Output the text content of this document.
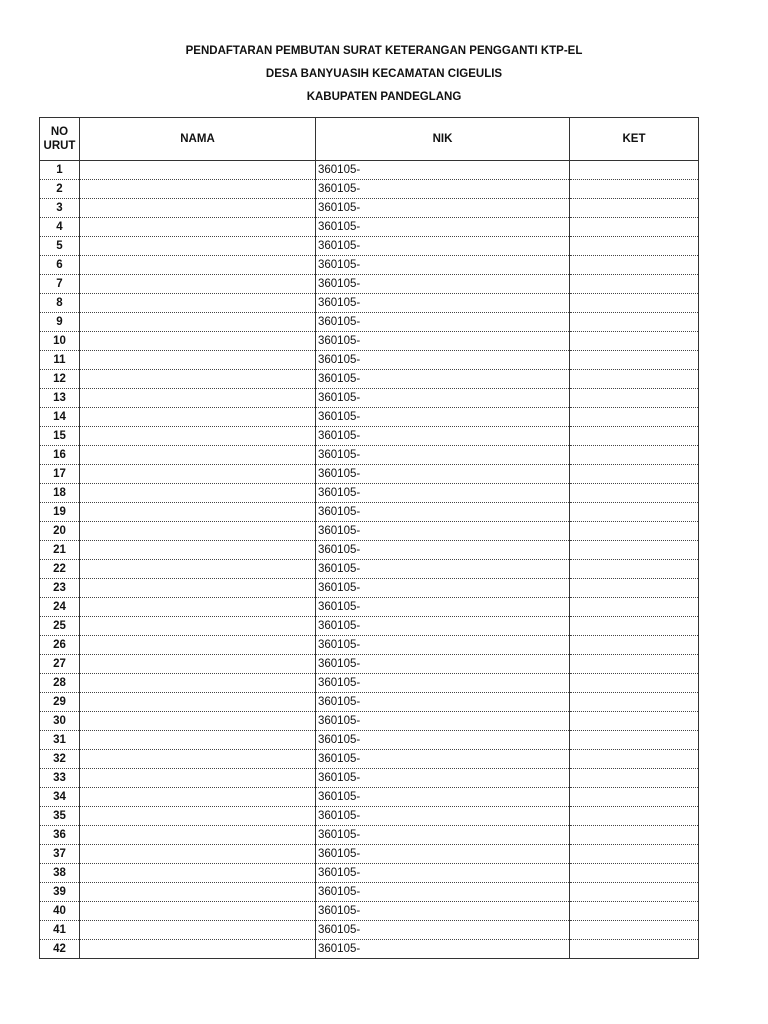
PENDAFTARAN PEMBUTAN SURAT KETERANGAN PENGGANTI KTP-EL
DESA BANYUASIH KECAMATAN CIGEULIS
KABUPATEN PANDEGLANG
NO
URUT	NAMA	NIK	KET
1		360105-	
2		360105-	
3		360105-	
4		360105-	
5		360105-	
6		360105-	
7		360105-	
8		360105-	
9		360105-	
10		360105-	
11		360105-	
12		360105-	
13		360105-	
14		360105-	
15		360105-	
16		360105-	
17		360105-	
18		360105-	
19		360105-	
20		360105-	
21		360105-	
22		360105-	
23		360105-	
24		360105-	
25		360105-	
26		360105-	
27		360105-	
28		360105-	
29		360105-	
30		360105-	
31		360105-	
32		360105-	
33		360105-	
34		360105-	
35		360105-	
36		360105-	
37		360105-	
38		360105-	
39		360105-	
40		360105-	
41		360105-	
42		360105-	
